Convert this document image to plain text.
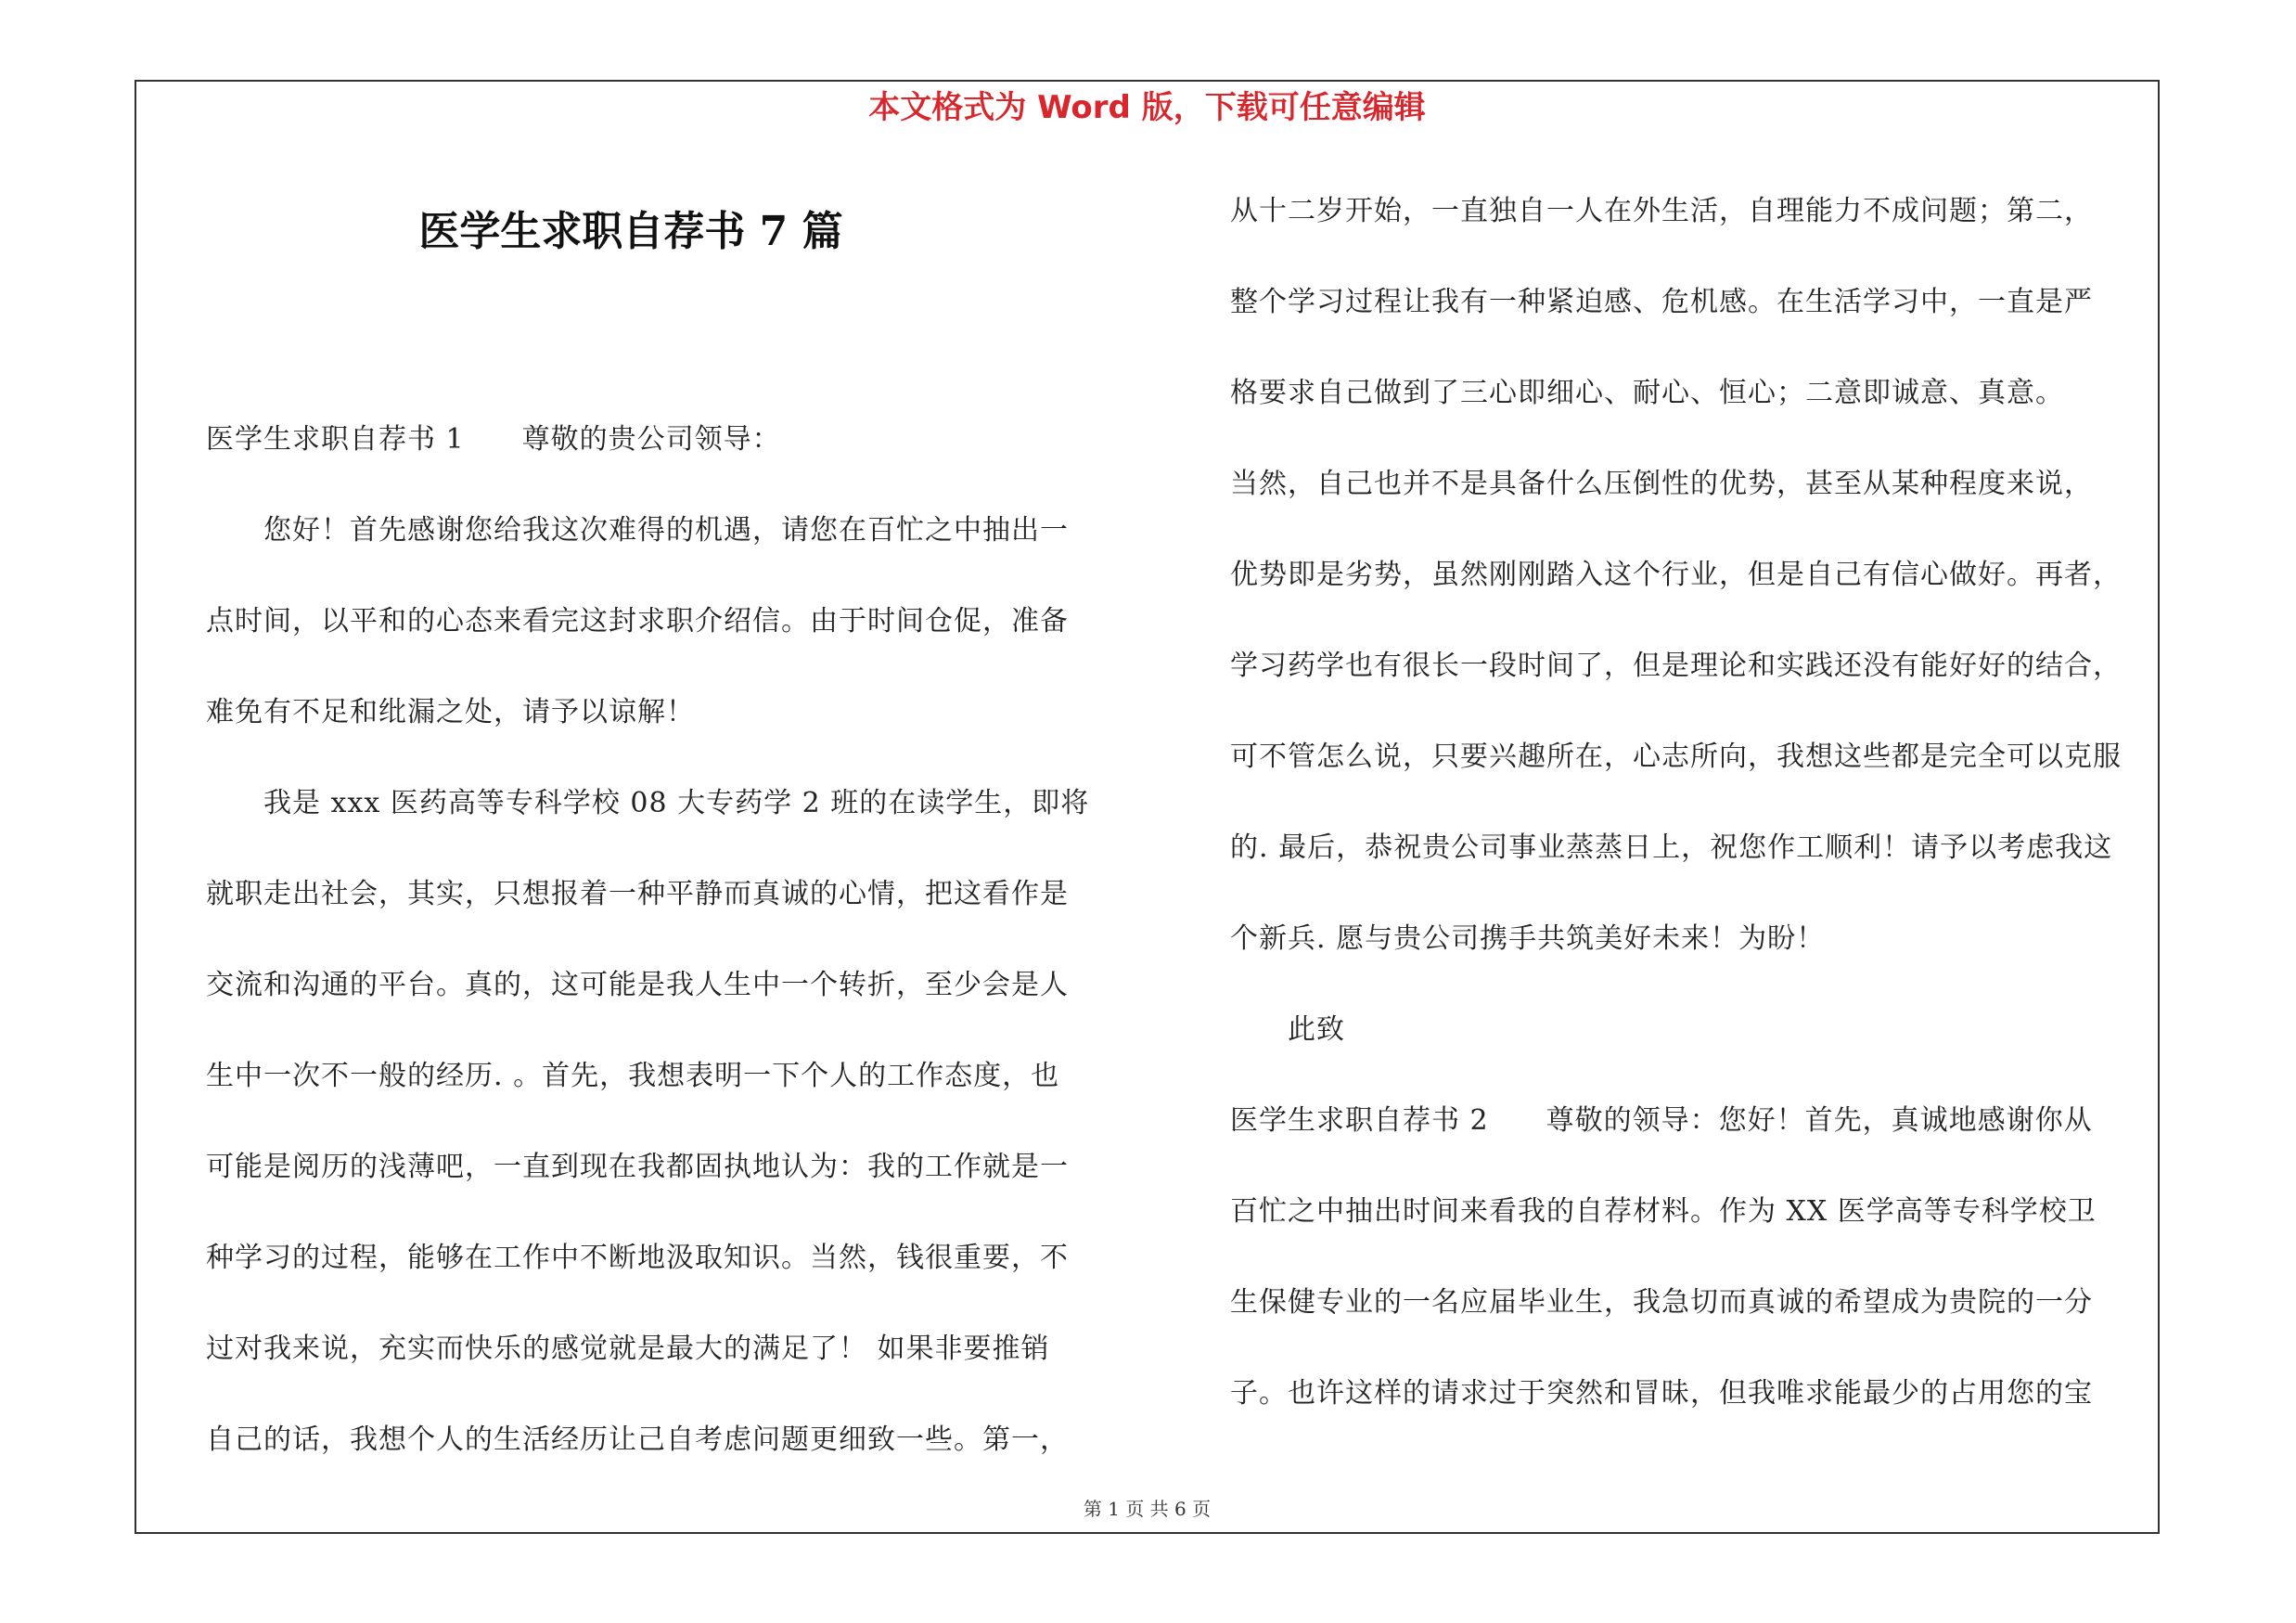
本文格式为 Word 版，下载可任意编辑
医学生求职自荐书 7 篇
医学生求职自荐书 1　　尊敬的贵公司领导：
　　您好！首先感谢您给我这次难得的机遇，请您在百忙之中抽出一
点时间，以平和的心态来看完这封求职介绍信。由于时间仓促，准备
难免有不足和纰漏之处，请予以谅解！
　　我是 xxx 医药高等专科学校 08 大专药学 2 班的在读学生，即将
就职走出社会，其实，只想报着一种平静而真诚的心情，把这看作是
交流和沟通的平台。真的，这可能是我人生中一个转折，至少会是人
生中一次不一般的经历. 。首先，我想表明一下个人的工作态度，也
可能是阅历的浅薄吧，一直到现在我都固执地认为：我的工作就是一
种学习的过程，能够在工作中不断地汲取知识。当然，钱很重要，不
过对我来说，充实而快乐的感觉就是最大的满足了！ 如果非要推销
自己的话，我想个人的生活经历让己自考虑问题更细致一些。第一，
从十二岁开始，一直独自一人在外生活，自理能力不成问题；第二，
整个学习过程让我有一种紧迫感、危机感。在生活学习中，一直是严
格要求自己做到了三心即细心、耐心、恒心；二意即诚意、真意。
当然，自己也并不是具备什么压倒性的优势，甚至从某种程度来说，
优势即是劣势，虽然刚刚踏入这个行业，但是自己有信心做好。再者，
学习药学也有很长一段时间了，但是理论和实践还没有能好好的结合，
可不管怎么说，只要兴趣所在，心志所向，我想这些都是完全可以克服
的. 最后，恭祝贵公司事业蒸蒸日上，祝您作工顺利！请予以考虑我这
个新兵. 愿与贵公司携手共筑美好未来！为盼！
　　此致
医学生求职自荐书 2　　尊敬的领导：您好！首先，真诚地感谢你从
百忙之中抽出时间来看我的自荐材料。作为 XX 医学高等专科学校卫
生保健专业的一名应届毕业生，我急切而真诚的希望成为贵院的一分
子。也许这样的请求过于突然和冒昧，但我唯求能最少的占用您的宝
第 1 页 共 6 页
